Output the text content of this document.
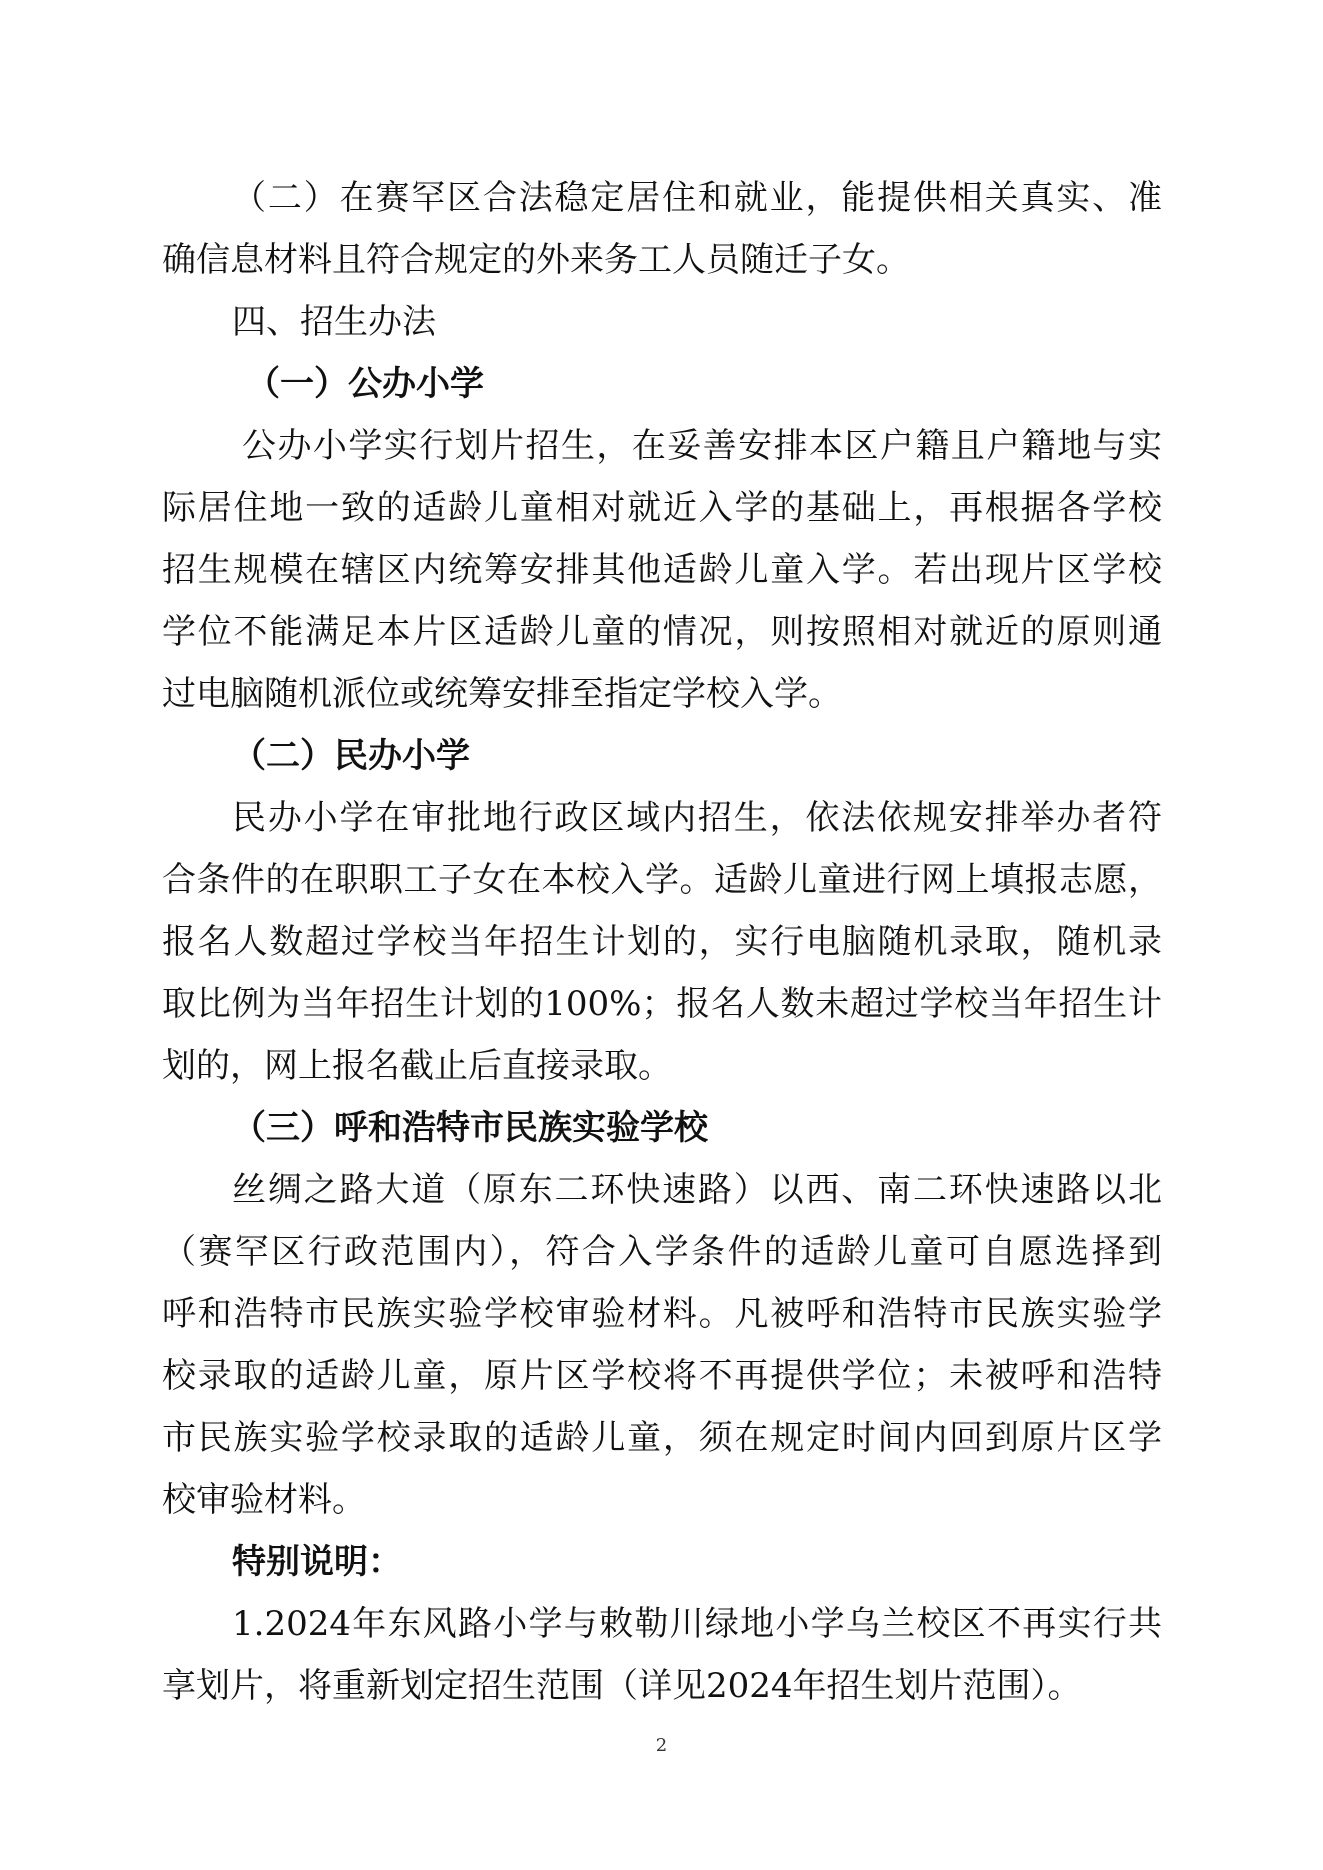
（二）在赛罕区合法稳定居住和就业，能提供相关真实、准
确信息材料且符合规定的外来务工人员随迁子女。
四、招生办法
（一）公办小学
公办小学实行划片招生，在妥善安排本区户籍且户籍地与实
际居住地一致的适龄儿童相对就近入学的基础上，再根据各学校
招生规模在辖区内统筹安排其他适龄儿童入学。若出现片区学校
学位不能满足本片区适龄儿童的情况，则按照相对就近的原则通
过电脑随机派位或统筹安排至指定学校入学。
（二）民办小学
民办小学在审批地行政区域内招生，依法依规安排举办者符
合条件的在职职工子女在本校入学。适龄儿童进行网上填报志愿，
报名人数超过学校当年招生计划的，实行电脑随机录取，随机录
取比例为当年招生计划的100%；报名人数未超过学校当年招生计
划的，网上报名截止后直接录取。
（三）呼和浩特市民族实验学校
丝绸之路大道（原东二环快速路）以西、南二环快速路以北
（赛罕区行政范围内），符合入学条件的适龄儿童可自愿选择到
呼和浩特市民族实验学校审验材料。凡被呼和浩特市民族实验学
校录取的适龄儿童，原片区学校将不再提供学位；未被呼和浩特
市民族实验学校录取的适龄儿童，须在规定时间内回到原片区学
校审验材料。
特别说明：
1.2024年东风路小学与敕勒川绿地小学乌兰校区不再实行共
享划片，将重新划定招生范围（详见2024年招生划片范围）。
2
